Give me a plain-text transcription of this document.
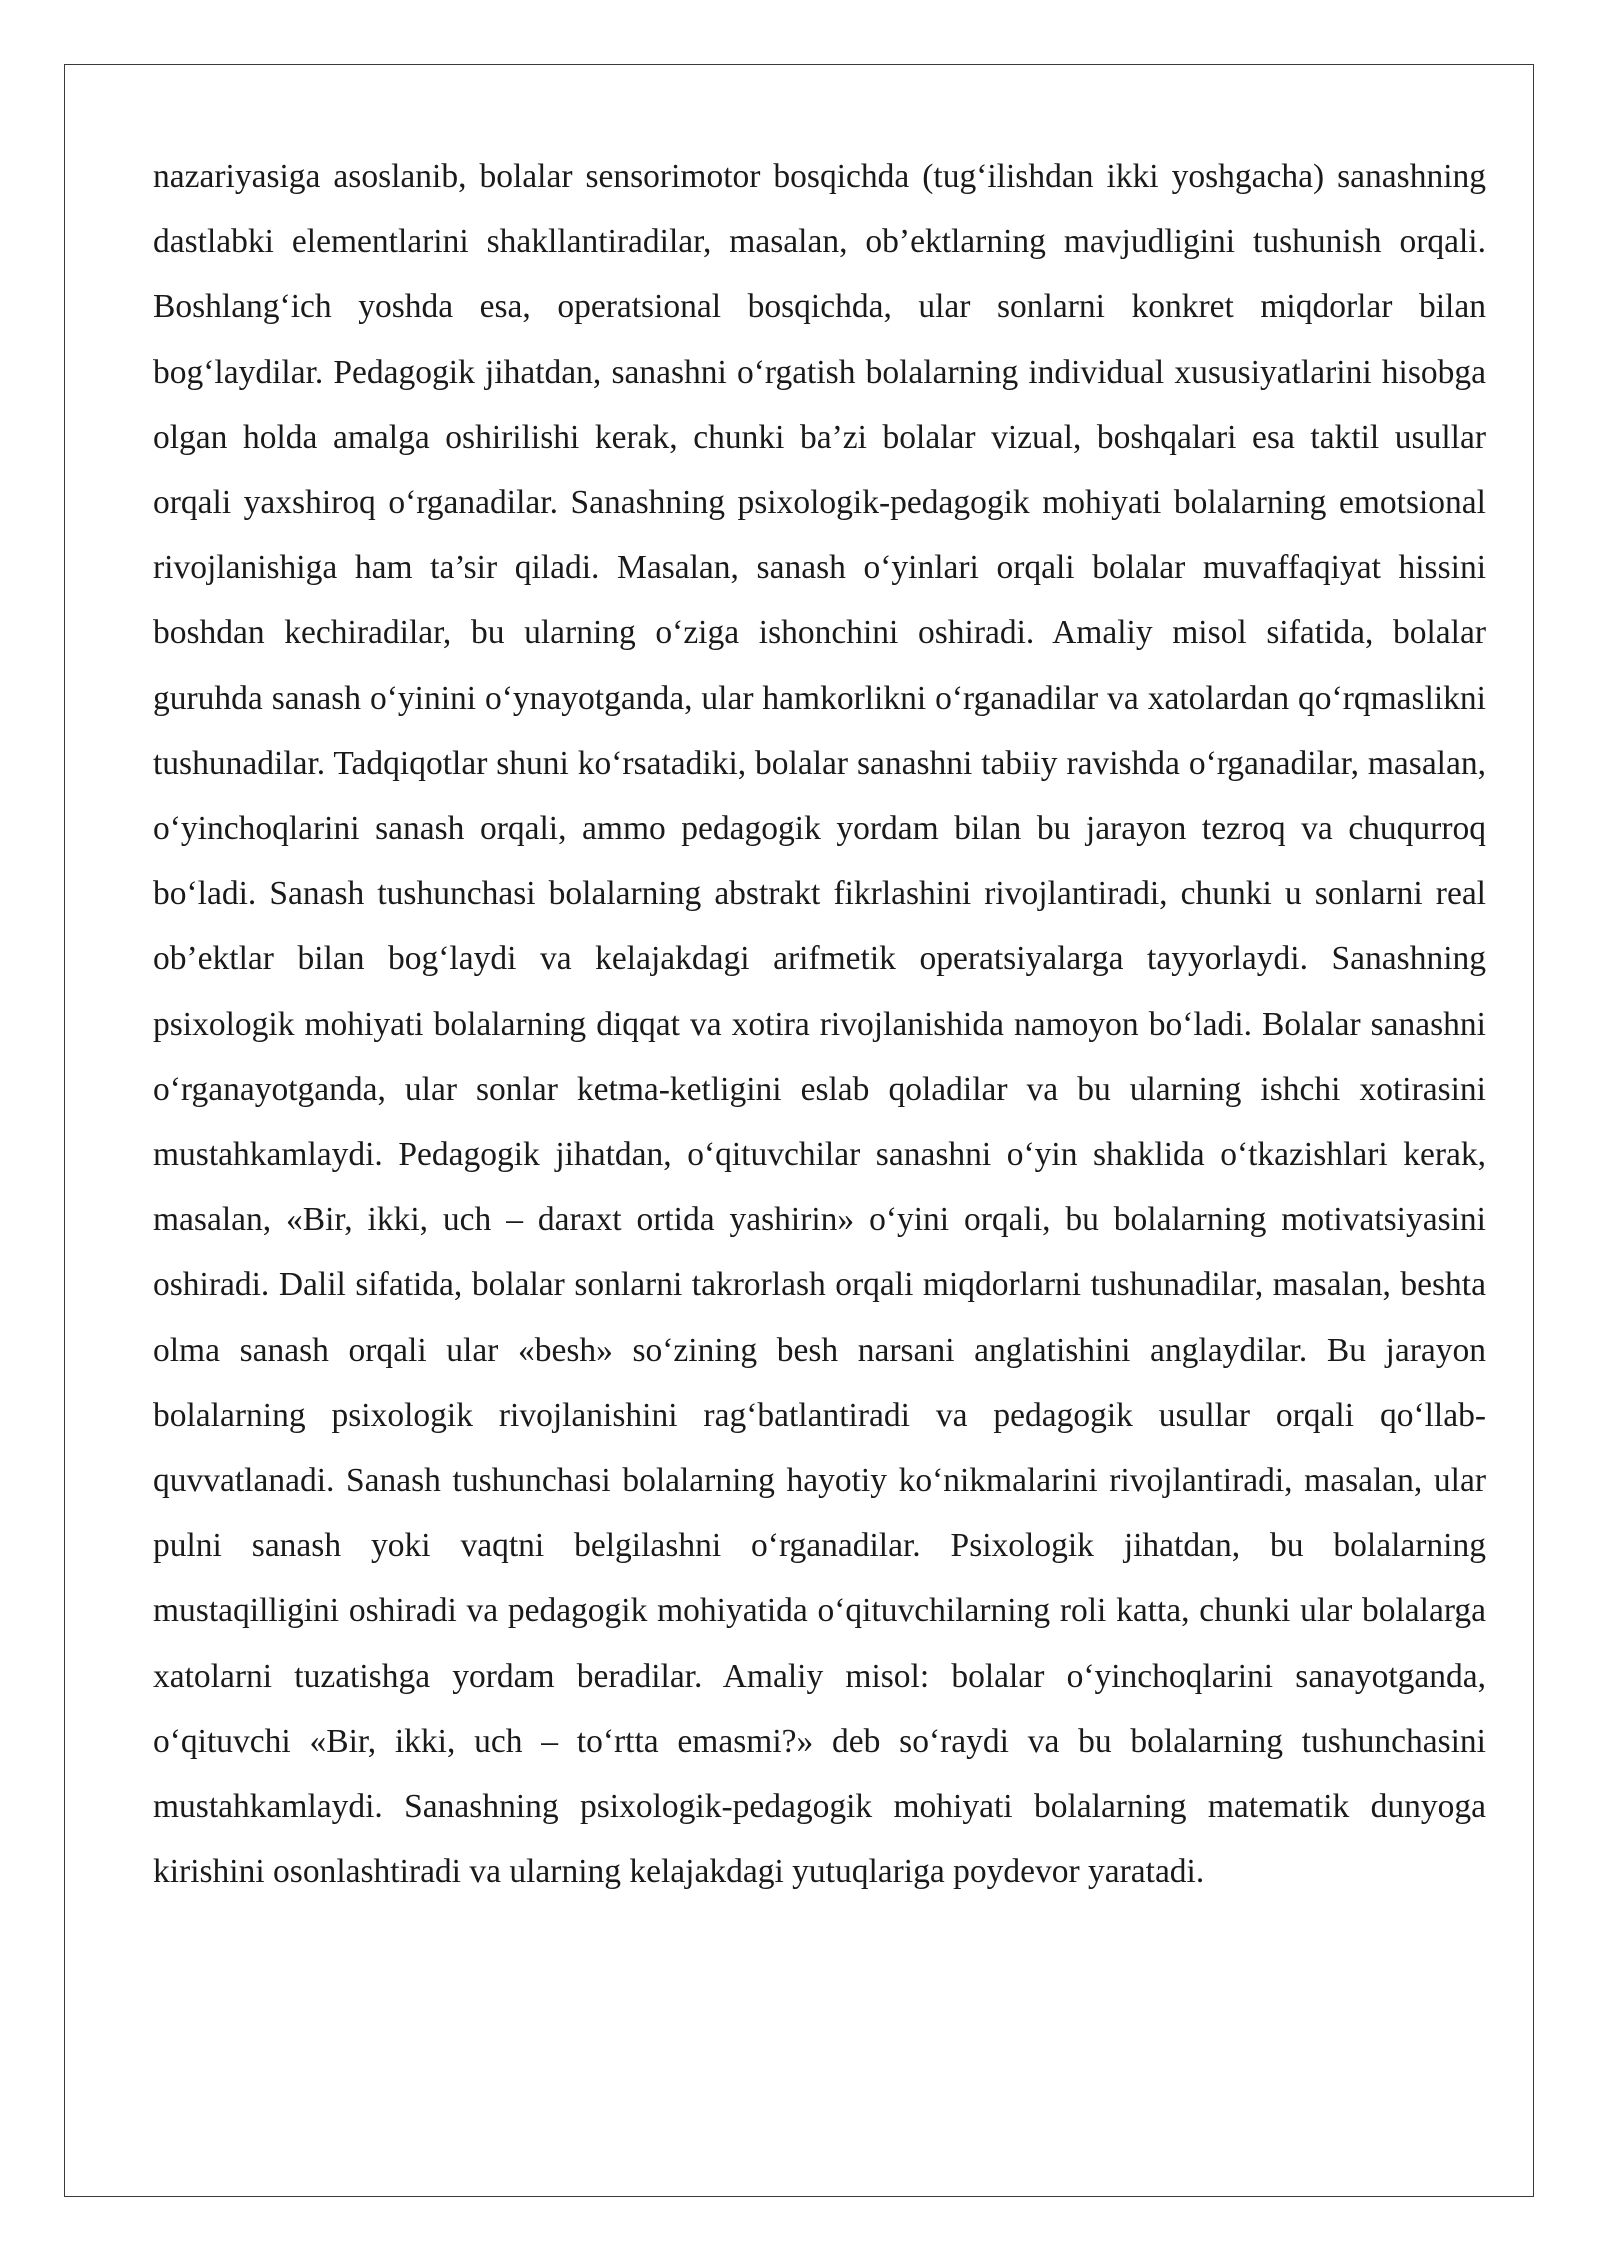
nazariyasiga asoslanib, bolalar sensorimotor bosqichda (tug‘ilishdan ikki yoshgacha) sanashning dastlabki elementlarini shakllantiradilar, masalan, ob’ektlarning mavjudligini tushunish orqali. Boshlang‘ich yoshda esa, operatsional bosqichda, ular sonlarni konkret miqdorlar bilan bog‘laydilar. Pedagogik jihatdan, sanashni o‘rgatish bolalarning individual xususiyatlarini hisobga olgan holda amalga oshirilishi kerak, chunki ba’zi bolalar vizual, boshqalari esa taktil usullar orqali yaxshiroq o‘rganadilar. Sanashning psixologik-pedagogik mohiyati bolalarning emotsional rivojlanishiga ham ta’sir qiladi. Masalan, sanash o‘yinlari orqali bolalar muvaffaqiyat hissini boshdan kechiradilar, bu ularning o‘ziga ishonchini oshiradi. Amaliy misol sifatida, bolalar guruhda sanash o‘yinini o‘ynayotganda, ular hamkorlikni o‘rganadilar va xatolardan qo‘rqmaslikni tushunadilar. Tadqiqotlar shuni ko‘rsatadiki, bolalar sanashni tabiiy ravishda o‘rganadilar, masalan, o‘yinchoqlarini sanash orqali, ammo pedagogik yordam bilan bu jarayon tezroq va chuqurroq bo‘ladi. Sanash tushunchasi bolalarning abstrakt fikrlashini rivojlantiradi, chunki u sonlarni real ob’ektlar bilan bog‘laydi va kelajakdagi arifmetik operatsiyalarga tayyorlaydi. Sanashning psixologik mohiyati bolalarning diqqat va xotira rivojlanishida namoyon bo‘ladi. Bolalar sanashni o‘rganayotganda, ular sonlar ketma-ketligini eslab qoladilar va bu ularning ishchi xotirasini mustahkamlaydi. Pedagogik jihatdan, o‘qituvchilar sanashni o‘yin shaklida o‘tkazishlari kerak, masalan, «Bir, ikki, uch – daraxt ortida yashirin» o‘yini orqali, bu bolalarning motivatsiyasini oshiradi. Dalil sifatida, bolalar sonlarni takrorlash orqali miqdorlarni tushunadilar, masalan, beshta olma sanash orqali ular «besh» so‘zining besh narsani anglatishini anglaydilar. Bu jarayon bolalarning psixologik rivojlanishini rag‘batlantiradi va pedagogik usullar orqali qo‘llab-quvvatlanadi. Sanash tushunchasi bolalarning hayotiy ko‘nikmalarini rivojlantiradi, masalan, ular pulni sanash yoki vaqtni belgilashni o‘rganadilar. Psixologik jihatdan, bu bolalarning mustaqilligini oshiradi va pedagogik mohiyatida o‘qituvchilarning roli katta, chunki ular bolalarga xatolarni tuzatishga yordam beradilar. Amaliy misol: bolalar o‘yinchoqlarini sanayotganda, o‘qituvchi «Bir, ikki, uch – to‘rtta emasmi?» deb so‘raydi va bu bolalarning tushunchasini mustahkamlaydi. Sanashning psixologik-pedagogik mohiyati bolalarning matematik dunyoga kirishini osonlashtiradi va ularning kelajakdagi yutuqlariga poydevor yaratadi.
